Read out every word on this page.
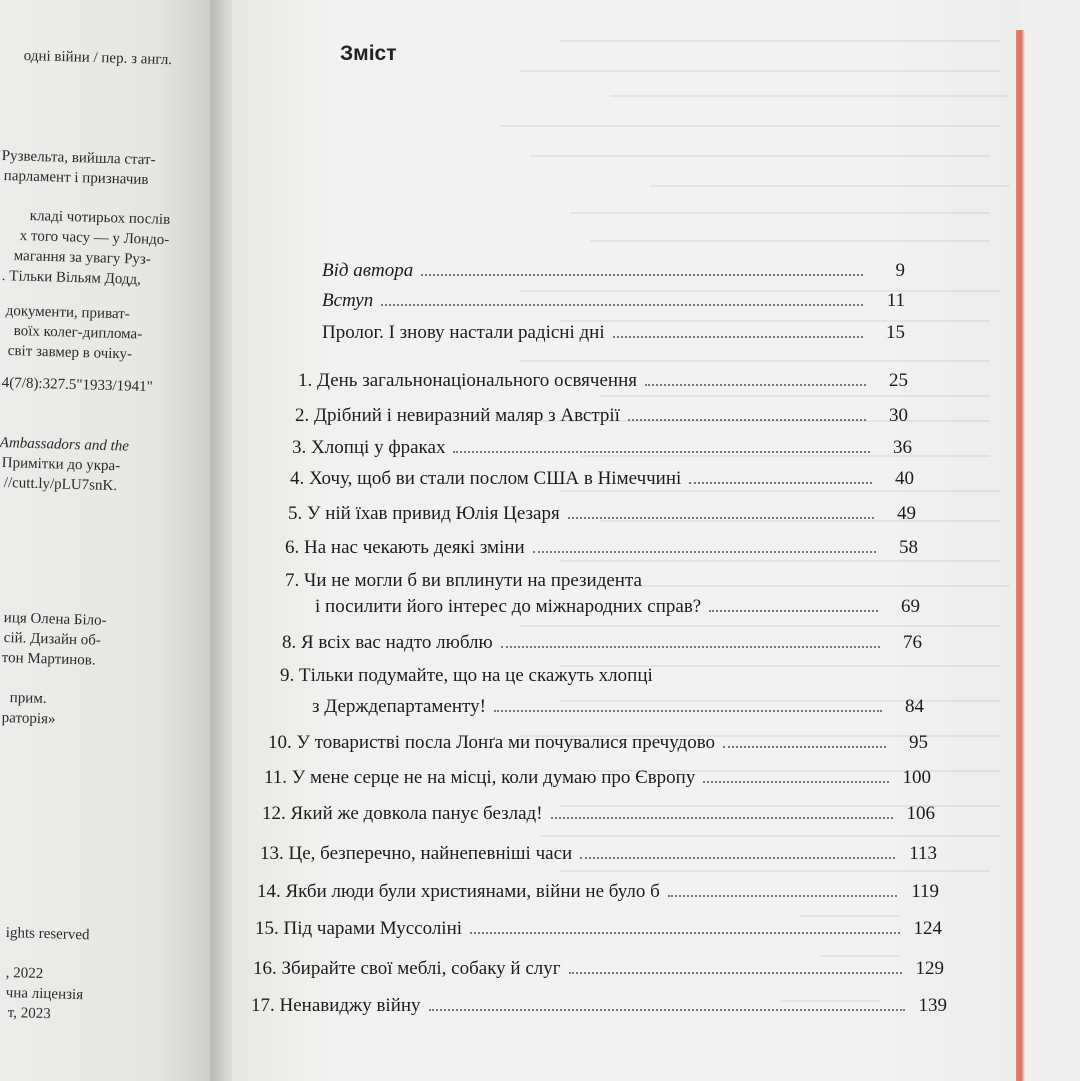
Зміст
Від автора	9
Вступ	11
Пролог. І знову настали радісні дні	15
1. День загальнонаціонального освячення	25
2. Дрібний і невиразний маляр з Австрії	30
3. Хлопці у фраках	36
4. Хочу, щоб ви стали послом США в Німеччині	40
5. У ній їхав привид Юлія Цезаря	49
6. На нас чекають деякі зміни	58
7. Чи не могли б ви вплинути на президента
і посилити його інтерес до міжнародних справ?	69
8. Я всіх вас надто люблю	76
9. Тільки подумайте, що на це скажуть хлопці
з Держдепартаменту!	84
10. У товаристві посла Лонґа ми почувалися пречудово	95
11. У мене серце не на місці, коли думаю про Європу	100
12. Який же довкола панує безлад!	106
13. Це, безперечно, найнепевніші часи	113
14. Якби люди були християнами, війни не було б	119
15. Під чарами Муссоліні	124
16. Збирайте свої меблі, собаку й слуг	129
17. Ненавиджу війну	139
одні війни / пер. з англ.
Рузвельта, вийшла стат-
парламент і призначив
кладі чотирьох послів
х того часу — у Лондо-
магання за увагу Руз-
. Тільки Вільям Додд,
документи, приват-
воїх колег-диплома-
світ завмер в очіку-
4(7/8):327.5"1933/1941"
Ambassadors and the
Примітки до укра-
//cutt.ly/pLU7snK.
иця Олена Біло-
сій. Дизайн об-
тон Мартинов.
прим.
раторія»
ights reserved
, 2022
чна ліцензія
т, 2023
